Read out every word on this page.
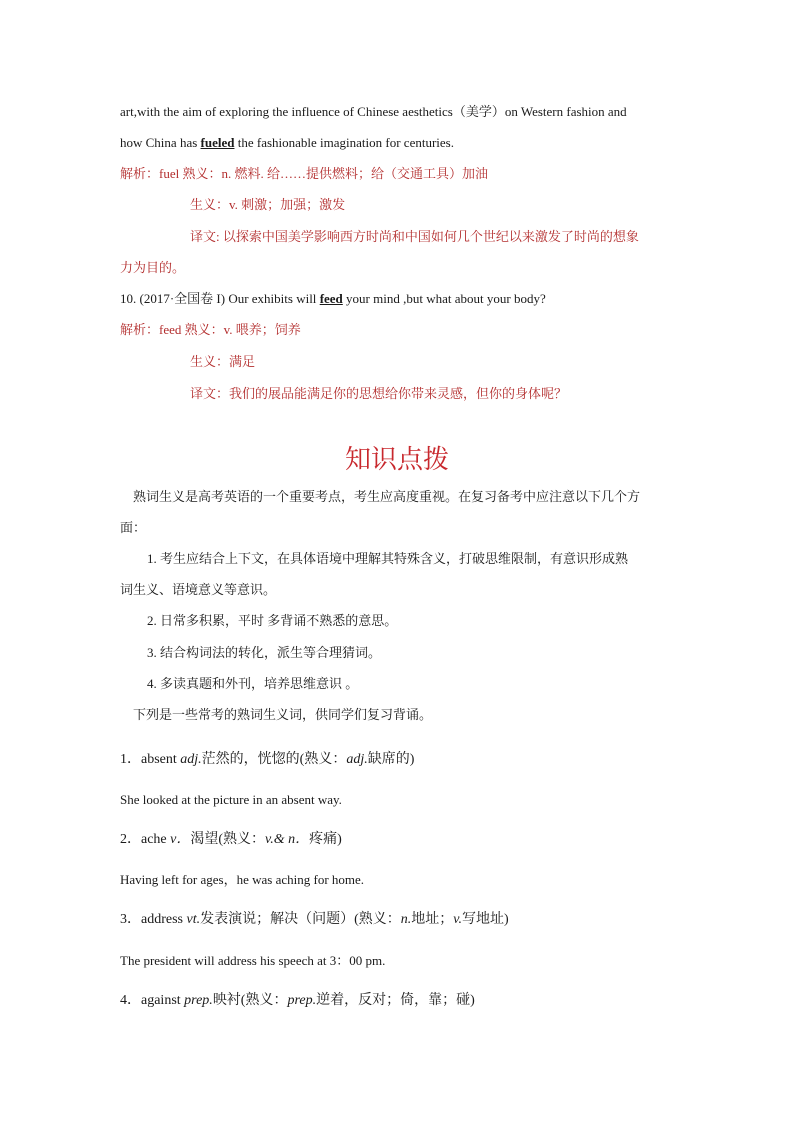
art,with the aim of exploring the influence of Chinese aesthetics（美学）on Western fashion and
how China has fueled the fashionable imagination for centuries.
解析：fuel 熟义：n. 燃料. 给……提供燃料；给（交通工具）加油
生义：v. 刺激；加强；激发
译文: 以探索中国美学影响西方时尚和中国如何几个世纪以来激发了时尚的想象
力为目的。
10. (2017·全国卷 I) Our exhibits will feed your mind ,but what about your body?
解析：feed 熟义：v. 喂养；饲养
生义：满足
译文：我们的展品能满足你的思想给你带来灵感，但你的身体呢？
知识点拨
熟词生义是高考英语的一个重要考点，考生应高度重视。在复习备考中应注意以下几个方
面：
1. 考生应结合上下文，在具体语境中理解其特殊含义，打破思维限制，有意识形成熟
词生义、语境意义等意识。
2. 日常多积累，平时 多背诵不熟悉的意思。
3. 结合构词法的转化，派生等合理猜词。
4. 多读真题和外刊，培养思维意识 。
下列是一些常考的熟词生义词，供同学们复习背诵。
1．absent adj.茫然的，恍惚的(熟义：adj.缺席的)
She looked at the picture in an absent way.
2．ache v．渴望(熟义：v.& n．疼痛)
Having left for ages，he was aching for home.
3．address vt.发表演说；解决（问题）(熟义：n.地址；v.写地址)
The president will address his speech at 3：00 pm.
4．against prep.映衬(熟义：prep.逆着，反对；倚，靠；碰)
